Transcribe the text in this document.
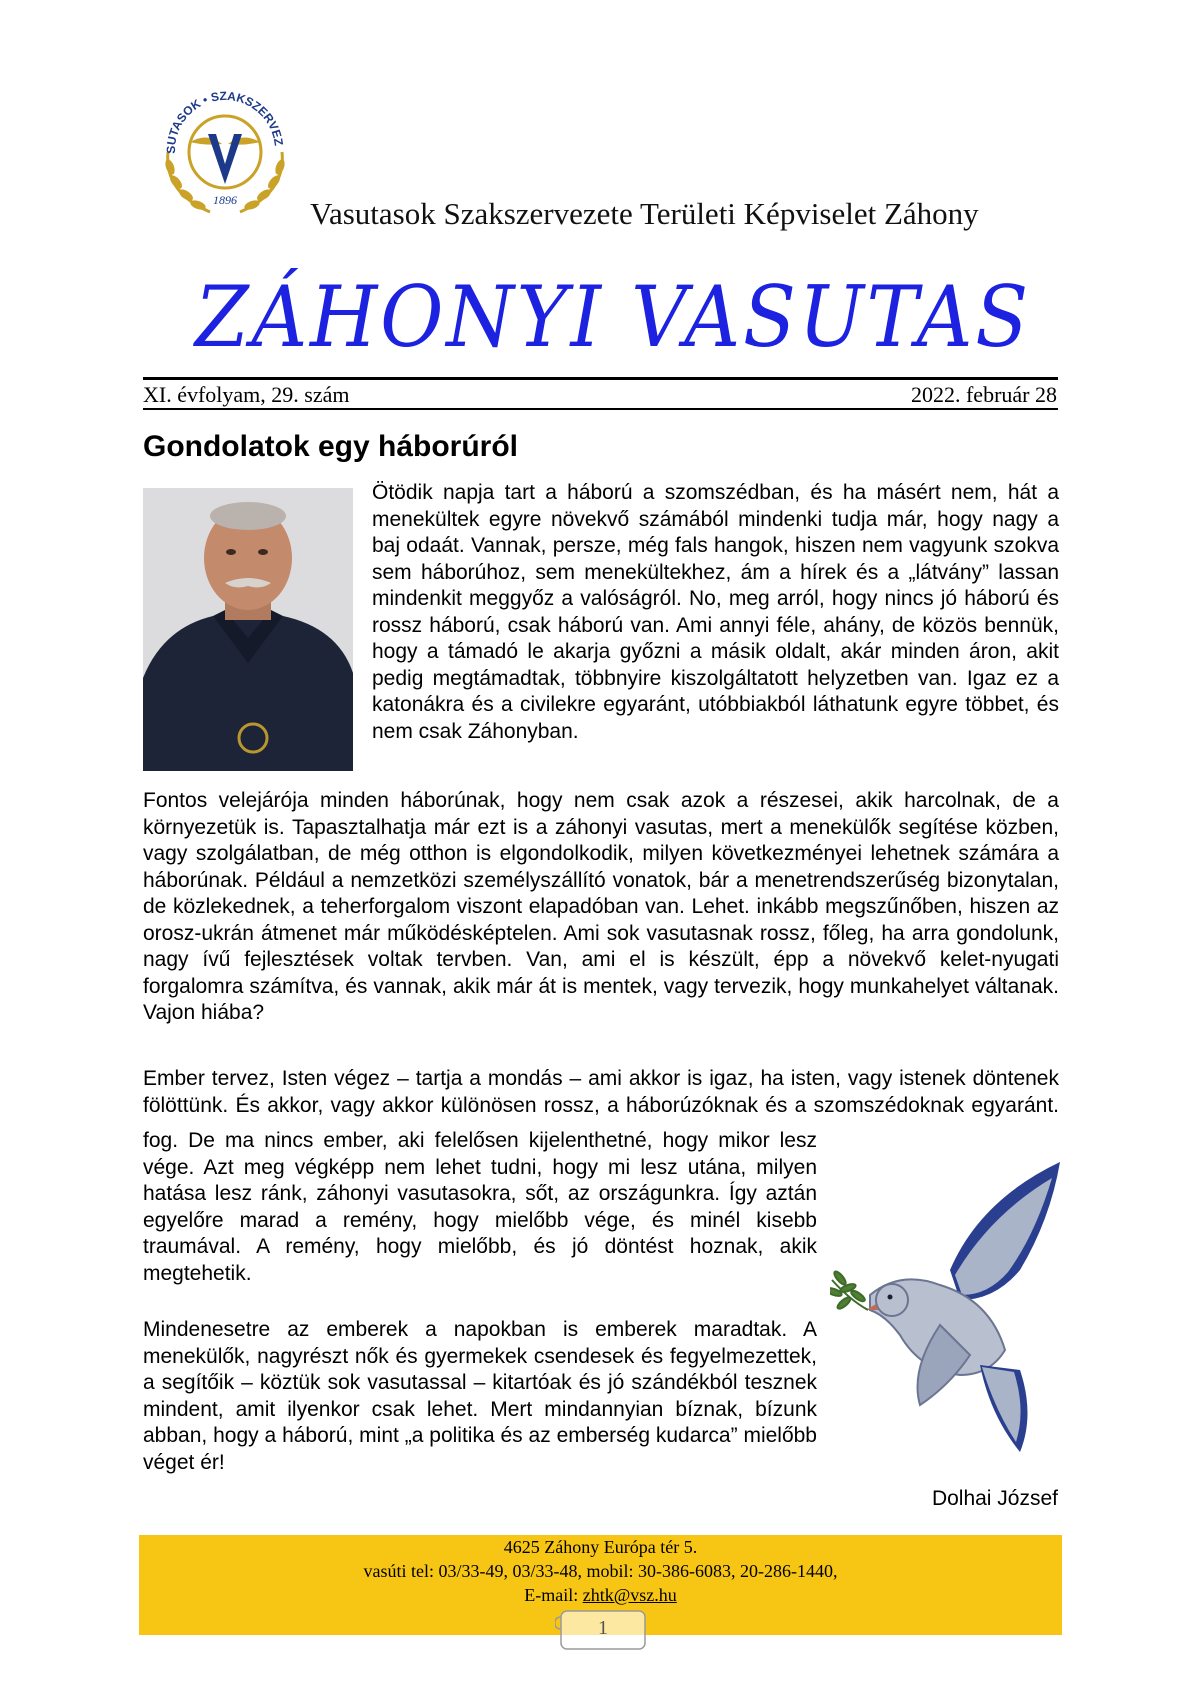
SUTASOK • SZAKSZERVEZ
1896 Vasutasok Szakszervezete Területi Képviselet Záhony
ZÁHONYI VASUTAS
XI. évfolyam, 29. szám	2022. február 28
Gondolatok egy háborúról
Ötödik napja tart a háború a szomszédban, és ha másért nem, hát a menekültek egyre növekvő számából mindenki tudja már, hogy nagy a baj odaát. Vannak, persze, még fals hangok, hiszen nem vagyunk szokva sem háborúhoz, sem menekültekhez, ám a hírek és a „látvány” lassan mindenkit meggyőz a valóságról. No, meg arról, hogy nincs jó háború és rossz háború, csak háború van. Ami annyi féle, ahány, de közös bennük, hogy a támadó le akarja győzni a másik oldalt, akár minden áron, akit pedig megtámadtak, többnyire kiszolgáltatott helyzetben van. Igaz ez a katonákra és a civilekre egyaránt, utóbbiakból láthatunk egyre többet, és nem csak Záhonyban.
Fontos velejárója minden háborúnak, hogy nem csak azok a részesei, akik harcolnak, de a környezetük is. Tapasztalhatja már ezt is a záhonyi vasutas, mert a menekülők segítése közben, vagy szolgálatban, de még otthon is elgondolkodik, milyen következményei lehetnek számára a háborúnak. Például a nemzetközi személyszállító vonatok, bár a menetrendszerűség bizonytalan, de közlekednek, a teherforgalom viszont elapadóban van. Lehet. inkább megszűnőben, hiszen az orosz-ukrán átmenet már működésképtelen. Ami sok vasutasnak rossz, főleg, ha arra gondolunk, nagy ívű fejlesztések voltak tervben. Van, ami el is készült, épp a növekvő kelet-nyugati forgalomra számítva, és vannak, akik már át is mentek, vagy tervezik, hogy munkahelyet váltanak. Vajon hiába?
Ember tervez, Isten végez – tartja a mondás – ami akkor is igaz, ha isten, vagy istenek döntenek fölöttünk. És akkor, vagy akkor különösen rossz, a háborúzóknak és a szomszédoknak egyaránt.
fog. De ma nincs ember, aki felelősen kijelenthetné, hogy mikor lesz vége. Azt meg végképp nem lehet tudni, hogy mi lesz utána, milyen hatása lesz ránk, záhonyi vasutasokra, sőt, az országunkra. Így aztán egyelőre marad a remény, hogy mielőbb vége, és minél kisebb traumával. A remény, hogy mielőbb, és jó döntést hoznak, akik megtehetik.
Mindenesetre az emberek a napokban is emberek maradtak. A menekülők, nagyrészt nők és gyermekek csendesek és fegyelmezettek, a segítőik – köztük sok vasutassal – kitartóak és jó szándékból tesznek mindent, amit ilyenkor csak lehet. Mert mindannyian bíznak, bízunk abban, hogy a háború, mint „a politika és az emberség kudarca” mielőbb véget ér!
Dolhai József
4625 Záhony Európa tér 5.
vasúti tel: 03/33-49, 03/33-48, mobil: 30-386-6083, 20-286-1440,
E-mail: zhtk@vsz.hu
1
